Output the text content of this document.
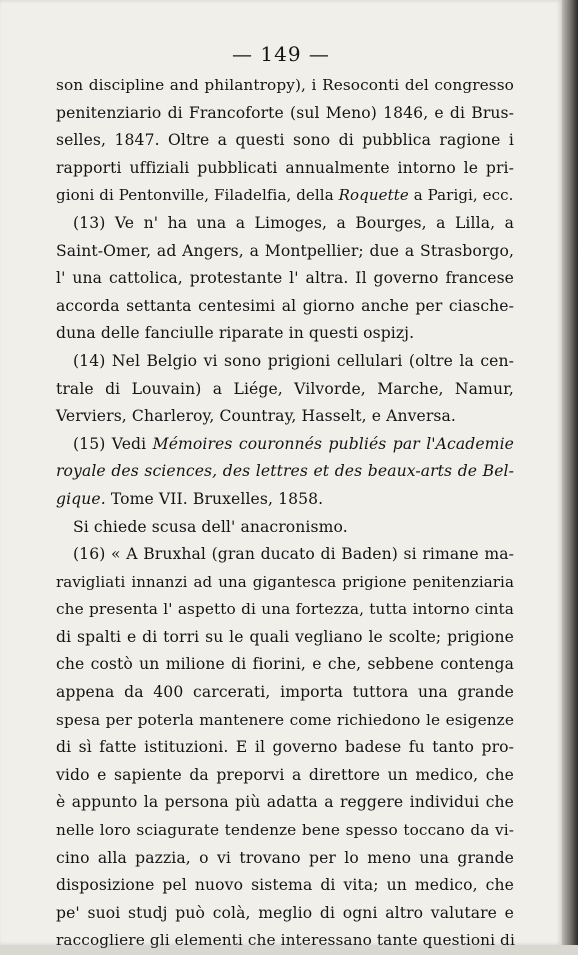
— 149 —
son discipline and philantropy), i Resoconti del congresso
penitenziario di Francoforte (sul Meno) 1846, e di Brus-
selles, 1847. Oltre a questi sono di pubblica ragione i
rapporti uffiziali pubblicati annualmente intorno le pri-
gioni di Pentonville, Filadelfia, della Roquette a Parigi, ecc.
(13) Ve n' ha una a Limoges, a Bourges, a Lilla, a
Saint-Omer, ad Angers, a Montpellier; due a Strasborgo,
l' una cattolica, protestante l' altra. Il governo francese
accorda settanta centesimi al giorno anche per ciasche-
duna delle fanciulle riparate in questi ospizj.
(14) Nel Belgio vi sono prigioni cellulari (oltre la cen-
trale di Louvain) a Liége, Vilvorde, Marche, Namur,
Verviers, Charleroy, Countray, Hasselt, e Anversa.
(15) Vedi Mémoires couronnés publiés par l'Academie
royale des sciences, des lettres et des beaux-arts de Bel-
gique. Tome VII. Bruxelles, 1858.
Si chiede scusa dell' anacronismo.
(16) « A Bruxhal (gran ducato di Baden) si rimane ma-
ravigliati innanzi ad una gigantesca prigione penitenziaria
che presenta l' aspetto di una fortezza, tutta intorno cinta
di spalti e di torri su le quali vegliano le scolte; prigione
che costò un milione di fiorini, e che, sebbene contenga
appena da 400 carcerati, importa tuttora una grande
spesa per poterla mantenere come richiedono le esigenze
di sì fatte istituzioni. E il governo badese fu tanto pro-
vido e sapiente da preporvi a direttore un medico, che
è appunto la persona più adatta a reggere individui che
nelle loro sciagurate tendenze bene spesso toccano da vi-
cino alla pazzia, o vi trovano per lo meno una grande
disposizione pel nuovo sistema di vita; un medico, che
pe' suoi studj può colà, meglio di ogni altro valutare e
raccogliere gli elementi che interessano tante questioni di
